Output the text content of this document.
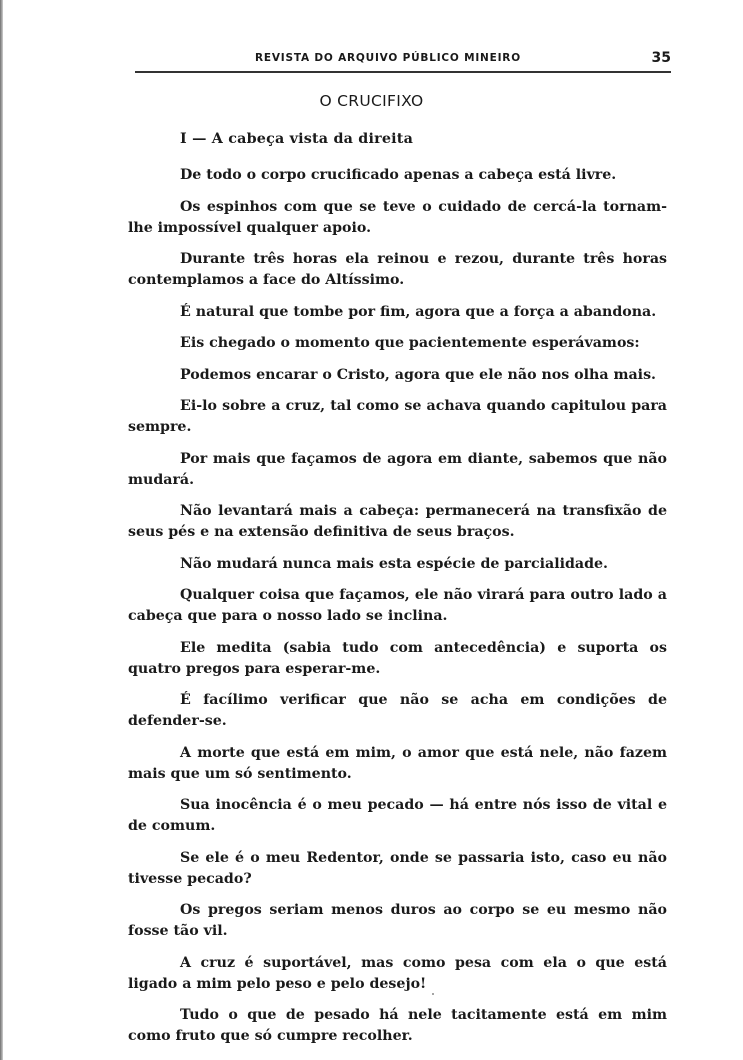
REVISTA DO ARQUIVO PÚBLICO MINEIRO	35
O CRUCIFIXO
I — A cabeça vista da direita

De todo o corpo crucificado apenas a cabeça está livre.

Os espinhos com que se teve o cuidado de cercá-la tornam-lhe impossível qualquer apoio.

Durante três horas ela reinou e rezou, durante três horas contemplamos a face do Altíssimo.

É natural que tombe por fim, agora que a força a abandona.

Eis chegado o momento que pacientemente esperávamos:

Podemos encarar o Cristo, agora que ele não nos olha mais.

Ei-lo sobre a cruz, tal como se achava quando capitulou para sempre.

Por mais que façamos de agora em diante, sabemos que não mudará.

Não levantará mais a cabeça: permanecerá na transfixão de seus pés e na extensão definitiva de seus braços.

Não mudará nunca mais esta espécie de parcialidade.

Qualquer coisa que façamos, ele não virará para outro lado a cabeça que para o nosso lado se inclina.

Ele medita (sabia tudo com antecedência) e suporta os quatro pregos para esperar-me.

É facílimo verificar que não se acha em condições de defender-se.

A morte que está em mim, o amor que está nele, não fazem mais que um só sentimento.

Sua inocência é o meu pecado — há entre nós isso de vital e de comum.

Se ele é o meu Redentor, onde se passaria isto, caso eu não tivesse pecado?

Os pregos seriam menos duros ao corpo se eu mesmo não fosse tão vil.

A cruz é suportável, mas como pesa com ela o que está ligado a mim pelo peso e pelo desejo!

Tudo o que de pesado há nele tacitamente está em mim como fruto que só cumpre recolher.
